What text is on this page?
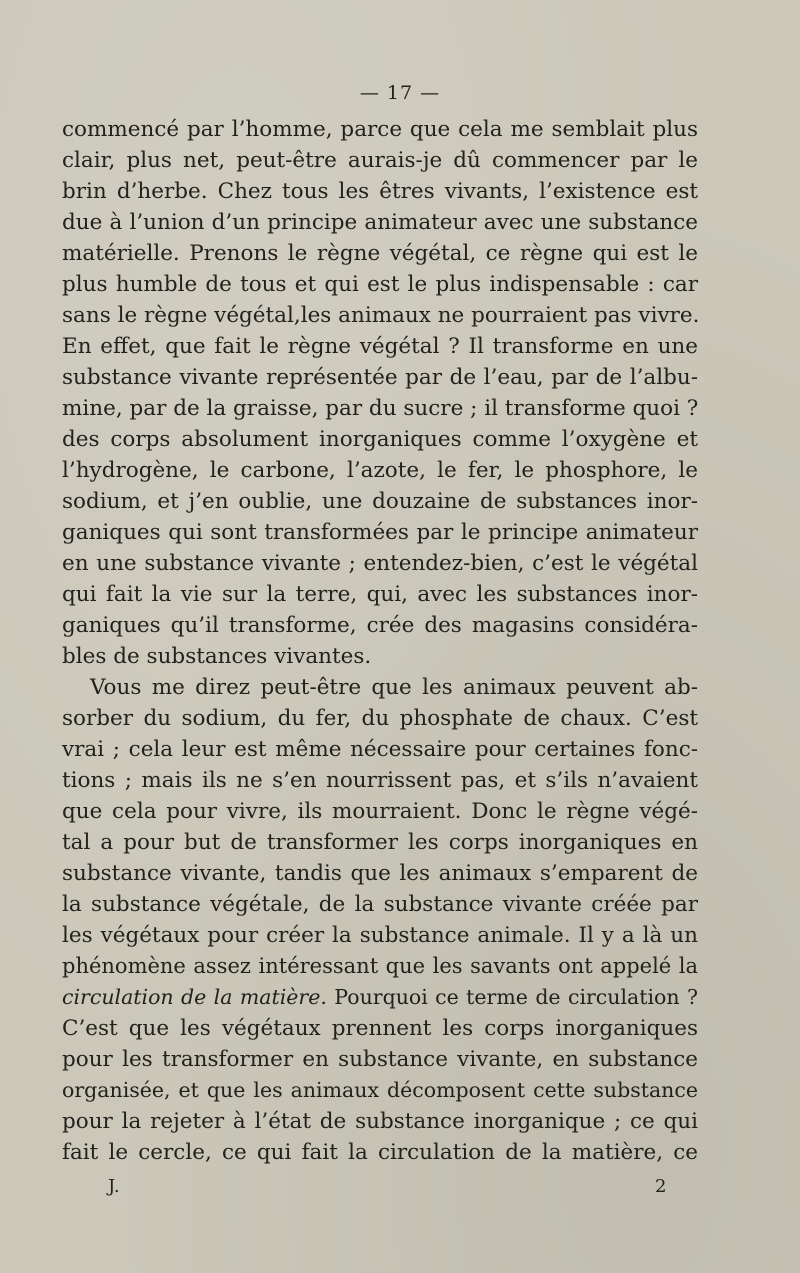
— 17 —
commencé par l’homme, parce que cela me semblait plus
clair, plus net, peut-être aurais-je dû commencer par le
brin d’herbe. Chez tous les êtres vivants, l’existence est
due à l’union d’un principe animateur avec une substance
matérielle. Prenons le règne végétal, ce règne qui est le
plus humble de tous et qui est le plus indispensable : car
sans le règne végétal,les animaux ne pourraient pas vivre.
En effet, que fait le règne végétal ? Il transforme en une
substance vivante représentée par de l’eau, par de l’albu-
mine, par de la graisse, par du sucre ; il transforme quoi ?
des corps absolument inorganiques comme l’oxygène et
l’hydrogène, le carbone, l’azote, le fer, le phosphore, le
sodium, et j’en oublie, une douzaine de substances inor-
ganiques qui sont transformées par le principe animateur
en une substance vivante ; entendez-bien, c’est le végétal
qui fait la vie sur la terre, qui, avec les substances inor-
ganiques qu’il transforme, crée des magasins considéra-
bles de substances vivantes.
Vous me direz peut-être que les animaux peuvent ab-
sorber du sodium, du fer, du phosphate de chaux. C’est
vrai ; cela leur est même nécessaire pour certaines fonc-
tions ; mais ils ne s’en nourrissent pas, et s’ils n’avaient
que cela pour vivre, ils mourraient. Donc le règne végé-
tal a pour but de transformer les corps inorganiques en
substance vivante, tandis que les animaux s’emparent de
la substance végétale, de la substance vivante créée par
les végétaux pour créer la substance animale. Il y a là un
phénomène assez intéressant que les savants ont appelé la
circulation de la matière. Pourquoi ce terme de circulation ?
C’est que les végétaux prennent les corps inorganiques
pour les transformer en substance vivante, en substance
organisée, et que les animaux décomposent cette substance
pour la rejeter à l’état de substance inorganique ; ce qui
fait le cercle, ce qui fait la circulation de la matière, ce
J.	2
